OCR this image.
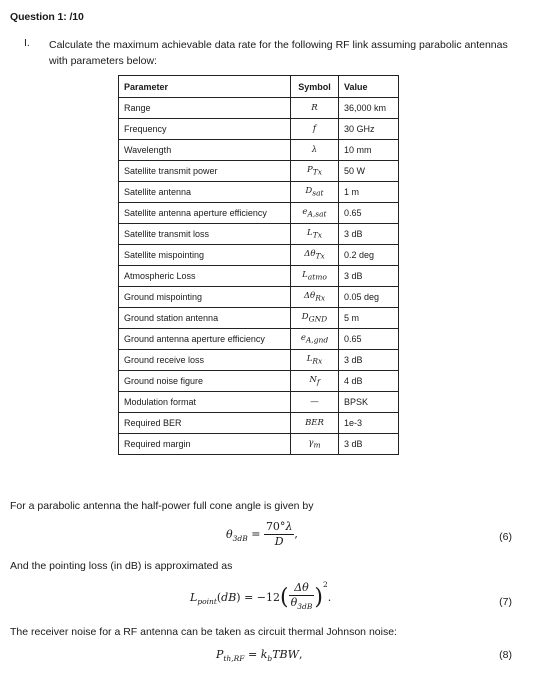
Question 1: /10
I. Calculate the maximum achievable data rate for the following RF link assuming parabolic antennas with parameters below:
Parameter	Symbol	Value
Range	R	36,000 km
Frequency	f	30 GHz
Wavelength	λ	10 mm
Satellite transmit power	$P_{Tx}$	50 W
Satellite antenna	$D_{sat}$	1 m
Satellite antenna aperture efficiency	$e_{A,sat}$	0.65
Satellite transmit loss	$L_{Tx}$	3 dB
Satellite mispointing	$\Delta\theta_{Tx}$	0.2 deg
Atmospheric Loss	$L_{atmo}$	3 dB
Ground mispointing	$\Delta\theta_{Rx}$	0.05 deg
Ground station antenna	$D_{GND}$	5 m
Ground antenna aperture efficiency	$e_{A,gnd}$	0.65
Ground receive loss	$L_{Rx}$	3 dB
Ground noise figure	$N_f$	4 dB
Modulation format	—	BPSK
Required BER	BER	1e-3
Required margin	$\gamma_m$	3 dB
For a parabolic antenna the half-power full cone angle is given by
$\theta_{3dB} = \frac{70^\circ\lambda}{D}$ ,	(6)
And the pointing loss (in dB) is approximated as
$L_{point}(dB) = -12( \frac{\Delta\theta}{\theta_{3dB}} )^2$.	(7)
The receiver noise for a RF antenna can be taken as circuit thermal Johnson noise:
$P_{th,RF} = k_bTBW$,	(8)
